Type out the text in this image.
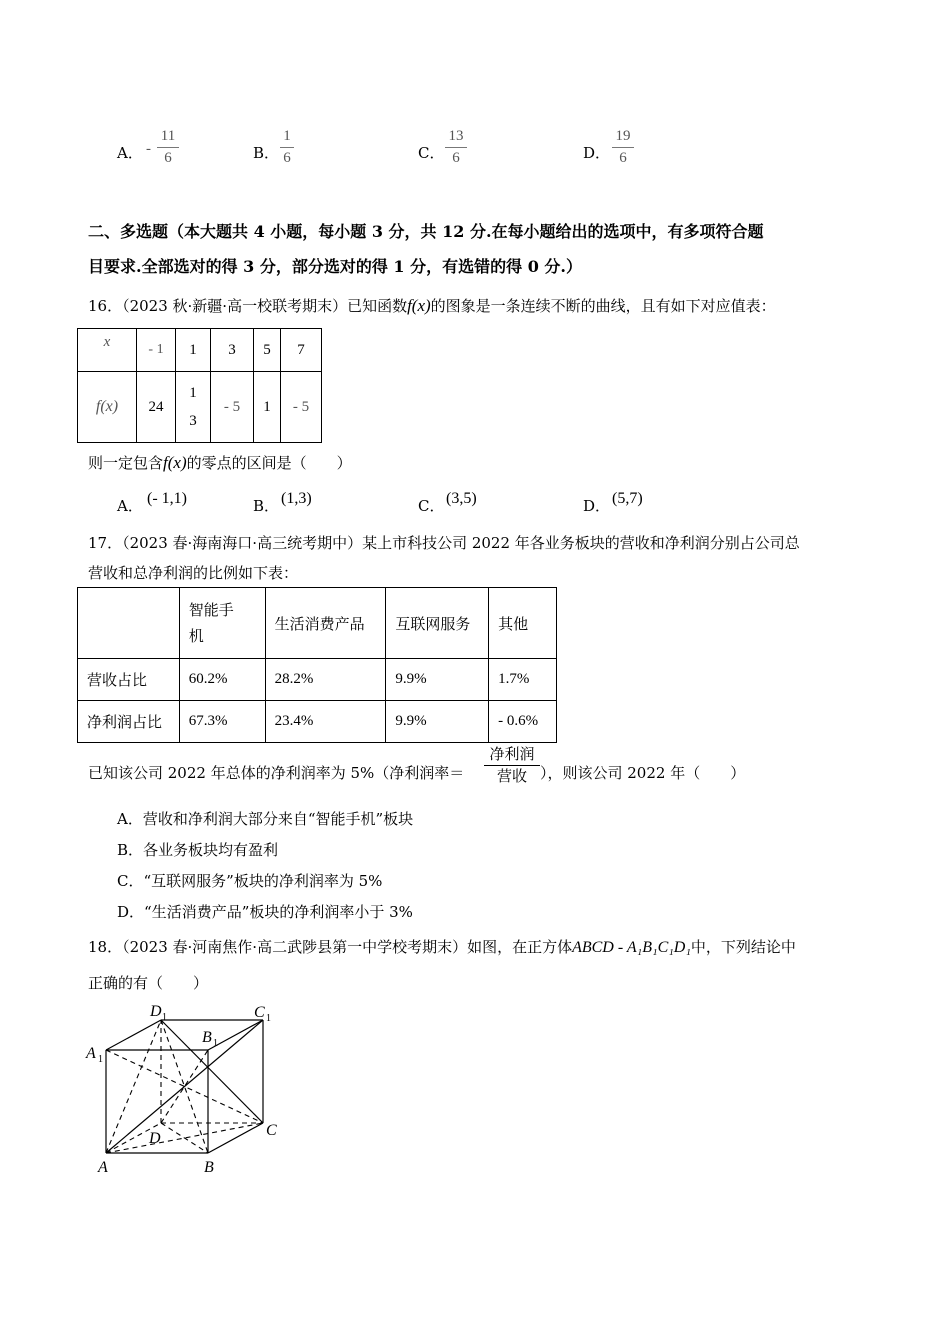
A． -
11
6	B．
1
6	C．
13
6	D．
19
6
二、多选题（本大题共 4 小题，每小题 3 分，共 12 分.在每小题给出的选项中，有多项符合题
目要求.全部选对的得 3 分，部分选对的得 1 分，有选错的得 0 分.）
16．（2023 秋·新疆·高一校联考期末）已知函数f(x)的图象是一条连续不断的曲线，且有如下对应值表：
x	- 1	1	3	5	7
f(x)	24	13	- 5	1	- 5
则一定包含f(x)的零点的区间是（　　）
A． (- 1,1)	B． (1,3)	C． (3,5)	D． (5,7)
17．（2023 春·海南海口·高三统考期中）某上市科技公司 2022 年各业务板块的营收和净利润分别占公司总
营收和总净利润的比例如下表：
	智能手机	生活消费产品	互联网服务	其他
营收占比	60.2%	28.2%	9.9%	1.7%
净利润占比	67.3%	23.4%	9.9%	- 0.6%
已知该公司 2022 年总体的净利润率为 5%（净利润率＝
净利润
营收 ），则该公司 2022 年（　　）
A．营收和净利润大部分来自“智能手机”板块
B．各业务板块均有盈利
C．“互联网服务”板块的净利润率为 5%
D．“生活消费产品”板块的净利润率小于 3%
18．（2023 春·河南焦作·高二武陟县第一中学校考期末）如图，在正方体ABCD - A₁B₁C₁D₁中，下列结论中
正确的有（　　）
A	B
C
D
A 1
B 1
C 1
D 1
